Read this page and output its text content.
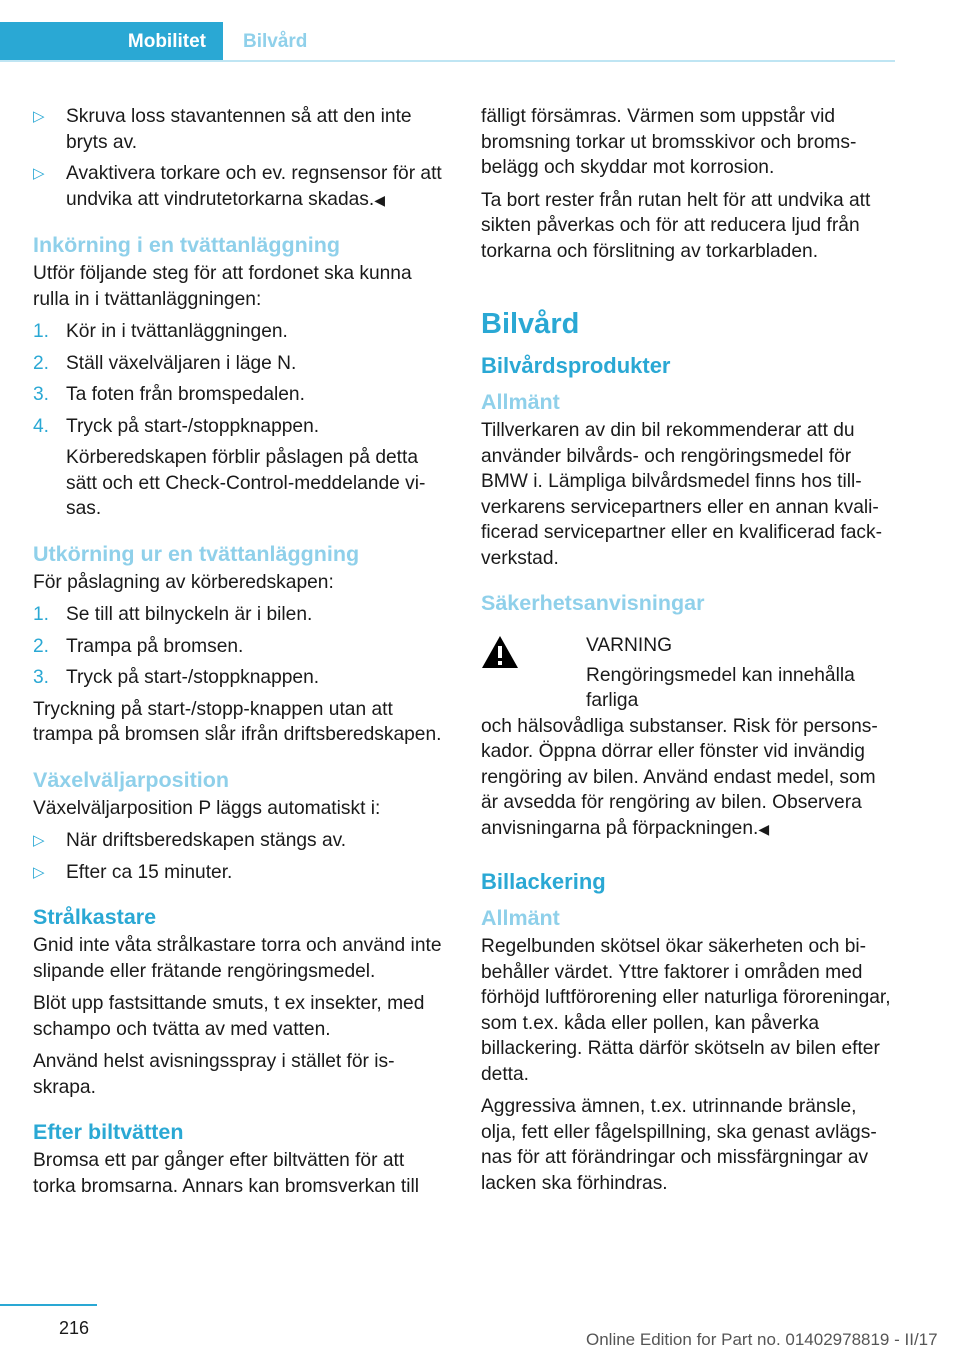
Mobilitet	Bilvård
▷ Skruva loss stavantennen så att den inte bryts av.
▷ Avaktivera torkare och ev. regnsensor för att undvika att vindrutetorkarna skadas.◀
Inkörning i en tvättanläggning

Utför följande steg för att fordonet ska kunna rulla in i tvättanläggningen:

1. Kör in i tvättanläggningen.
2. Ställ växelväljaren i läge N.
3. Ta foten från bromspedalen.
4. Tryck på start-/stoppknappen.
Körberedskapen förblir påslagen på detta sätt och ett Check-Control-meddelande visas.
Utkörning ur en tvättanläggning

För påslagning av körberedskapen:

1. Se till att bilnyckeln är i bilen.
2. Trampa på bromsen.
3. Tryck på start-/stoppknappen.

Tryckning på start-/stopp-knappen utan att trampa på bromsen slår ifrån driftsberedskapen.

Växelväljarposition

Växelväljarposition P läggs automatiskt i:

▷ När driftsberedskapen stängs av.
▷ Efter ca 15 minuter.
Strålkastare

Gnid inte våta strålkastare torra och använd inte slipande eller frätande rengöringsmedel.

Blöt upp fastsittande smuts, t ex insekter, med schampo och tvätta av med vatten.

Använd helst avisningsspray i stället för isskrapa.

Efter biltvätten

Bromsa ett par gånger efter biltvätten för att torka bromsarna. Annars kan bromsverkan till

fälligt försämras. Värmen som uppstår vid bromsning torkar ut bromsskivor och bromsbelägg och skyddar mot korrosion.

Ta bort rester från rutan helt för att undvika att sikten påverkas och för att reducera ljud från torkarna och förslitning av torkarbladen.

Bilvård
Bilvårdsprodukter
Allmänt

Tillverkaren av din bil rekommenderar att du använder bilvårds- och rengöringsmedel för BMW i. Lämpliga bilvårdsmedel finns hos tillverkarens servicepartners eller en annan kvalificerad servicepartner eller en kvalificerad fackverkstad.

Säkerhetsanvisningar
VARNING
Rengöringsmedel kan innehålla farliga

och hälsovådliga substanser. Risk för personskador. Öppna dörrar eller fönster vid invändig rengöring av bilen. Använd endast medel, som är avsedda för rengöring av bilen. Observera anvisningarna på förpackningen.◀

Billackering
Allmänt

Regelbunden skötsel ökar säkerheten och bibehåller värdet. Yttre faktorer i områden med förhöjd luftförorening eller naturliga föroreningar, som t.ex. kåda eller pollen, kan påverka billackering. Rätta därför skötseln av bilen efter detta.

Aggressiva ämnen, t.ex. utrinnande bränsle, olja, fett eller fågelspillning, ska genast avlägsnas för att förändringar och missfärgningar av lacken ska förhindras.

216
Online Edition for Part no. 01402978819 - II/17
